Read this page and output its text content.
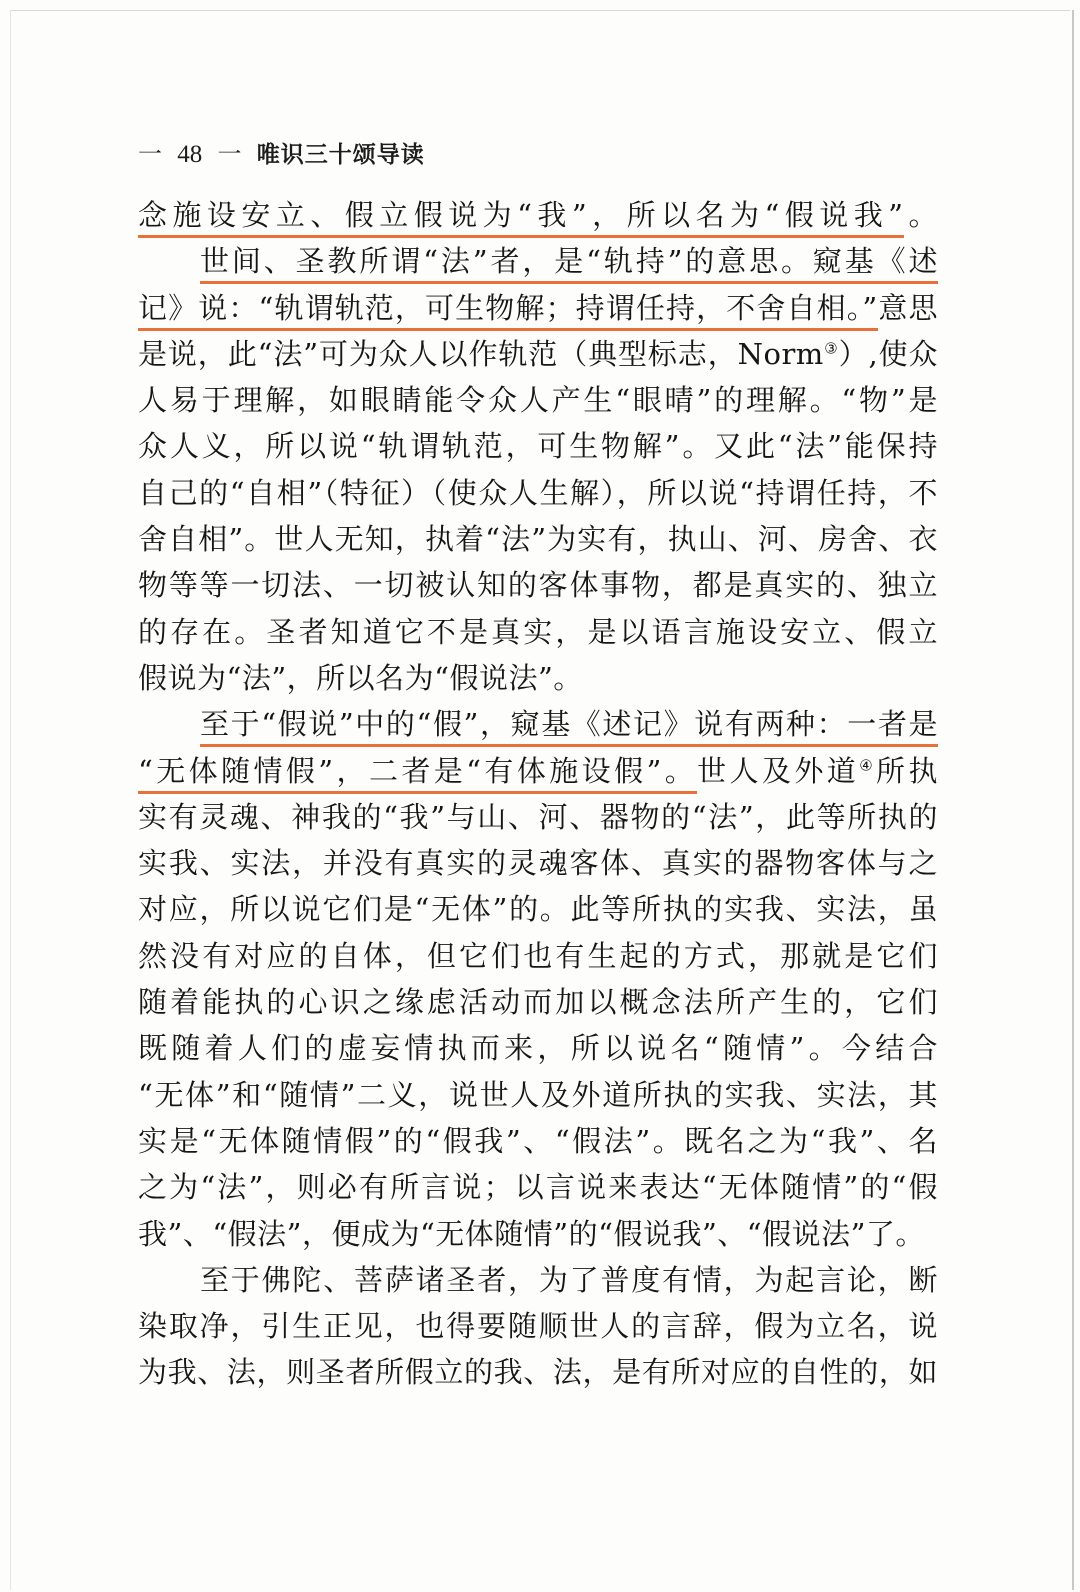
一 48 一 唯识三十颂导读
念施设安立、假立假说为“我”，所以名为“假说我”。
世间、圣教所谓“法”者，是“轨持”的意思。窥基《述
记》说：“轨谓轨范，可生物解；持谓任持，不舍自相。”意思
是说，此“法”可为众人以作轨范（典型标志，Norm③）,使众
人易于理解，如眼睛能令众人产生“眼晴”的理解。“物”是
众人义，所以说“轨谓轨范，可生物解”。又此“法”能保持
自己的“自相”（特征）（使众人生解），所以说“持谓任持，不
舍自相”。世人无知，执着“法”为实有，执山、河、房舍、衣
物等等一切法、一切被认知的客体事物，都是真实的、独立
的存在。圣者知道它不是真实，是以语言施设安立、假立
假说为“法”，所以名为“假说法”。
至于“假说”中的“假”，窥基《述记》说有两种：一者是
“无体随情假”，二者是“有体施设假”。世人及外道④所执
实有灵魂、神我的“我”与山、河、器物的“法”，此等所执的
实我、实法，并没有真实的灵魂客体、真实的器物客体与之
对应，所以说它们是“无体”的。此等所执的实我、实法，虽
然没有对应的自体，但它们也有生起的方式，那就是它们
随着能执的心识之缘虑活动而加以概念法所产生的，它们
既随着人们的虚妄情执而来，所以说名“随情”。今结合
“无体”和“随情”二义，说世人及外道所执的实我、实法，其
实是“无体随情假”的“假我”、“假法”。既名之为“我”、名
之为“法”，则必有所言说；以言说来表达“无体随情”的“假
我”、“假法”，便成为“无体随情”的“假说我”、“假说法”了。
至于佛陀、菩萨诸圣者，为了普度有情，为起言论，断
染取净，引生正见，也得要随顺世人的言辞，假为立名，说
为我、法，则圣者所假立的我、法，是有所对应的自性的，如
